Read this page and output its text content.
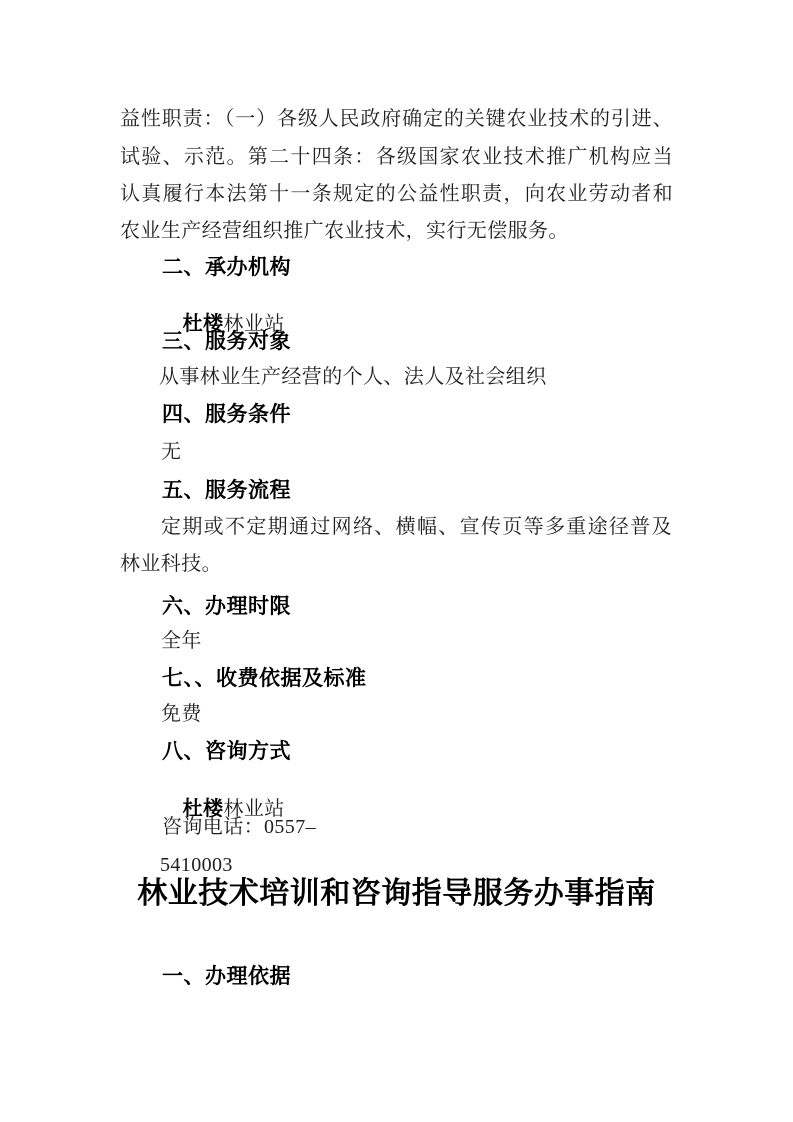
益性职责：（一）各级人民政府确定的关键农业技术的引进、
试验、示范。第二十四条：各级国家农业技术推广机构应当
认真履行本法第十一条规定的公益性职责，向农业劳动者和
农业生产经营组织推广农业技术，实行无偿服务。
二、承办机构

杜楼林业站

三、服务对象
从事林业生产经营的个人、法人及社会组织
四、服务条件
无
五、服务流程
定期或不定期通过网络、横幅、宣传页等多重途径普及
林业科技。
六、办理时限
全年
七、、收费依据及标准
免费
八、咨询方式

杜楼林业站

咨询电话：0557–
5410003
林业技术培训和咨询指导服务办事指南
一、办理依据
